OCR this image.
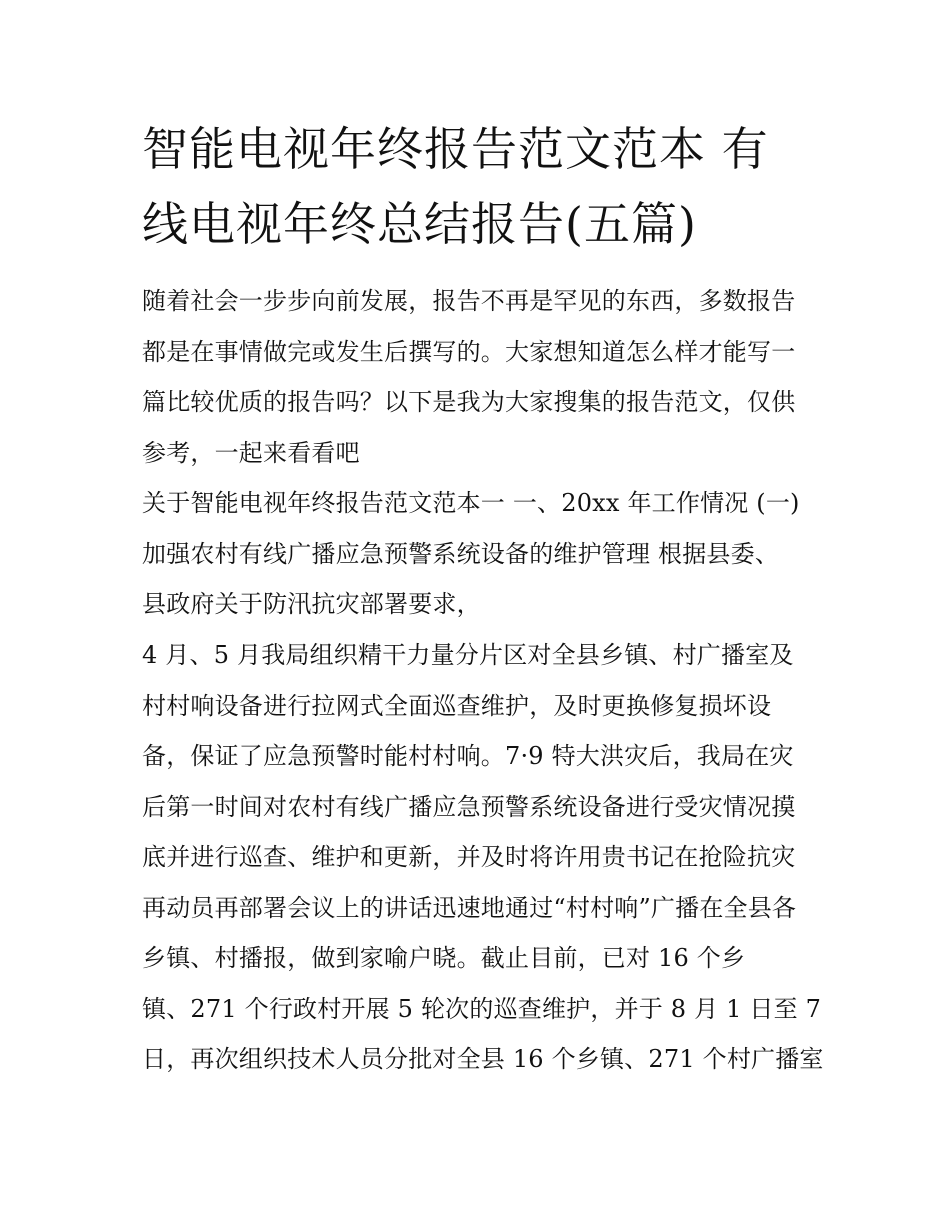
智能电视年终报告范文范本 有
线电视年终总结报告(五篇)
随着社会一步步向前发展，报告不再是罕见的东西，多数报告
都是在事情做完或发生后撰写的。大家想知道怎么样才能写一
篇比较优质的报告吗？以下是我为大家搜集的报告范文，仅供
参考，一起来看看吧
关于智能电视年终报告范文范本一 一、20xx 年工作情况 (一)
加强农村有线广播应急预警系统设备的维护管理 根据县委、
县政府关于防汛抗灾部署要求，
4 月、5 月我局组织精干力量分片区对全县乡镇、村广播室及
村村响设备进行拉网式全面巡查维护，及时更换修复损坏设
备，保证了应急预警时能村村响。7·9 特大洪灾后，我局在灾
后第一时间对农村有线广播应急预警系统设备进行受灾情况摸
底并进行巡查、维护和更新，并及时将许用贵书记在抢险抗灾
再动员再部署会议上的讲话迅速地通过“村村响”广播在全县各
乡镇、村播报，做到家喻户晓。截止目前，已对 16 个乡
镇、271 个行政村开展 5 轮次的巡查维护，并于 8 月 1 日至 7
日，再次组织技术人员分批对全县 16 个乡镇、271 个村广播室
